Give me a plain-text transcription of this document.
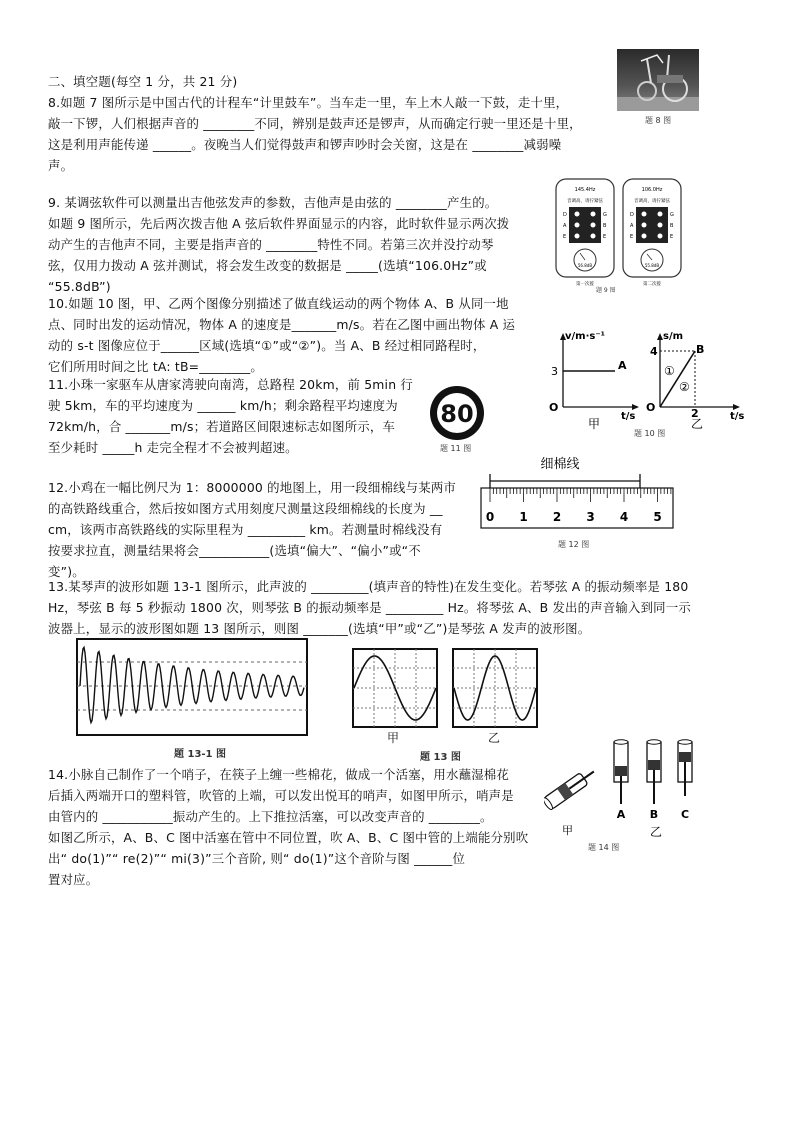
二、填空题(每空 1 分，共 21 分)
8.如题 7 图所示是中国古代的计程车“计里鼓车”。当车走一里，车上木人敲一下鼓，走十里，
敲一下锣，人们根据声音的 ________不同，辨别是鼓声还是锣声，从而确定行驶一里还是十里，
这是利用声能传递 ______。夜晚当人们觉得鼓声和锣声吵时会关窗，这是在 ________减弱噪
声。
题 8 图
9. 某调弦软件可以测量出吉他弦发声的参数，吉他声是由弦的 ________产生的。
如题 9 图所示，先后两次拨吉他 A 弦后软件界面显示的内容，此时软件显示两次拨
动产生的吉他声不同，主要是指声音的 ________特性不同。若第三次并没拧动琴
弦，仅用力拨动 A 弦并测试，将会发生改变的数据是 _____(选填“106.0Hz”或
“55.8dB”)
145.4Hz
音调高，请拧紧弦
D
A
E
G
B
E
56.8dB
第一次拨
106.0Hz
音调高，请拧紧弦
D
A
E
G
B
E
55.8dB
第二次拨
题 9 图
10.如题 10 图，甲、乙两个图像分别描述了做直线运动的两个物体 A、B 从同一地
点、同时出发的运动情况，物体 A 的速度是_______m/s。若在乙图中画出物体 A 运
动的 s-t 图像应位于______区域(选填“①”或“②”)。当 A、B 经过相同路程时，
它们所用时间之比 tA: tB=________。
v/m·s⁻¹
t/s
O
3	A
甲
s/m
t/s
O
4
2
B
①
②
乙
题 10 图
11.小珠一家驱车从唐家湾驶向南湾，总路程 20km，前 5min 行
驶 5km，车的平均速度为 ______ km/h；剩余路程平均速度为
72km/h，合 _______m/s；若道路区间限速标志如图所示，车
至少耗时 _____h 走完全程才不会被判超速。
80
题 11 图
12.小鸡在一幅比例尺为 1：8000000 的地图上，用一段细棉线与某两市
的高铁路线重合，然后按如图方式用刻度尺测量这段细棉线的长度为 __
cm，该两市高铁路线的实际里程为 _________ km。若测量时棉线没有
按要求拉直，测量结果将会___________(选填“偏大”、“偏小”或“不
变”)。
细棉线
0 1 2 3 4 5
题 12 图
13.某琴声的波形如题 13-1 图所示，此声波的 _________(填声音的特性)在发生变化。若琴弦 A 的振动频率是 180
Hz，琴弦 B 每 5 秒振动 1800 次，则琴弦 B 的振动频率是 _________ Hz。将琴弦 A、B 发出的声音输入到同一示
波器上，显示的波形图如题 13 图所示，则图 _______(选填“甲”或“乙”)是琴弦 A 发声的波形图。
题 13-1 图
甲	乙
题 13 图
14.小脉自己制作了一个哨子，在筷子上缠一些棉花，做成一个活塞，用水蘸湿棉花
后插入两端开口的塑料管，吹管的上端，可以发出悦耳的哨声，如图甲所示，哨声是
由管内的 ___________振动产生的。上下推拉活塞，可以改变声音的 ________。
如图乙所示，A、B、C 图中活塞在管中不同位置，吹 A、B、C 图中管的上端能分别吹
出“ do(1)”“ re(2)”“ mi(3)”三个音阶, 则“ do(1)”这个音阶与图 ______位
置对应。
A B C
甲	乙
题 14 图
